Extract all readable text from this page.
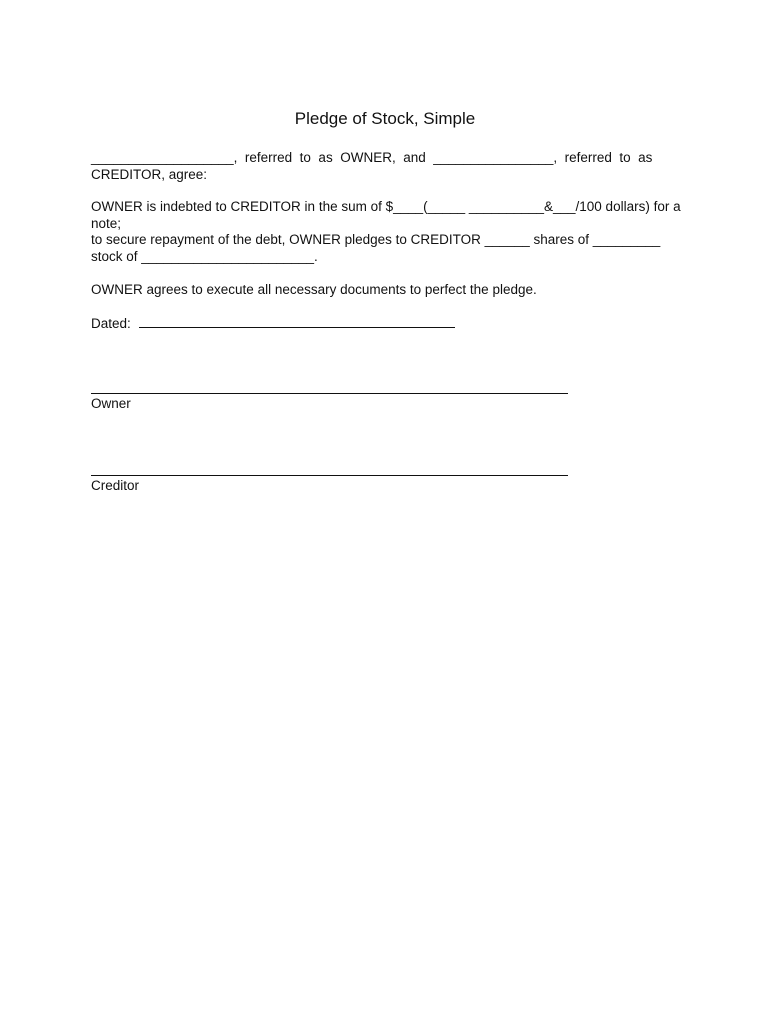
Pledge of Stock, Simple
___________________,  referred  to  as  OWNER,  and  ________________,  referred  to  as
CREDITOR, agree:
OWNER is indebted to CREDITOR in the sum of $____(_____ __________&___/100 dollars) for a
note;
to secure repayment of the debt, OWNER pledges to CREDITOR ______ shares of _________
stock of _______________________.
OWNER agrees to execute all necessary documents to perfect the pledge.
Dated:
Owner
Creditor
